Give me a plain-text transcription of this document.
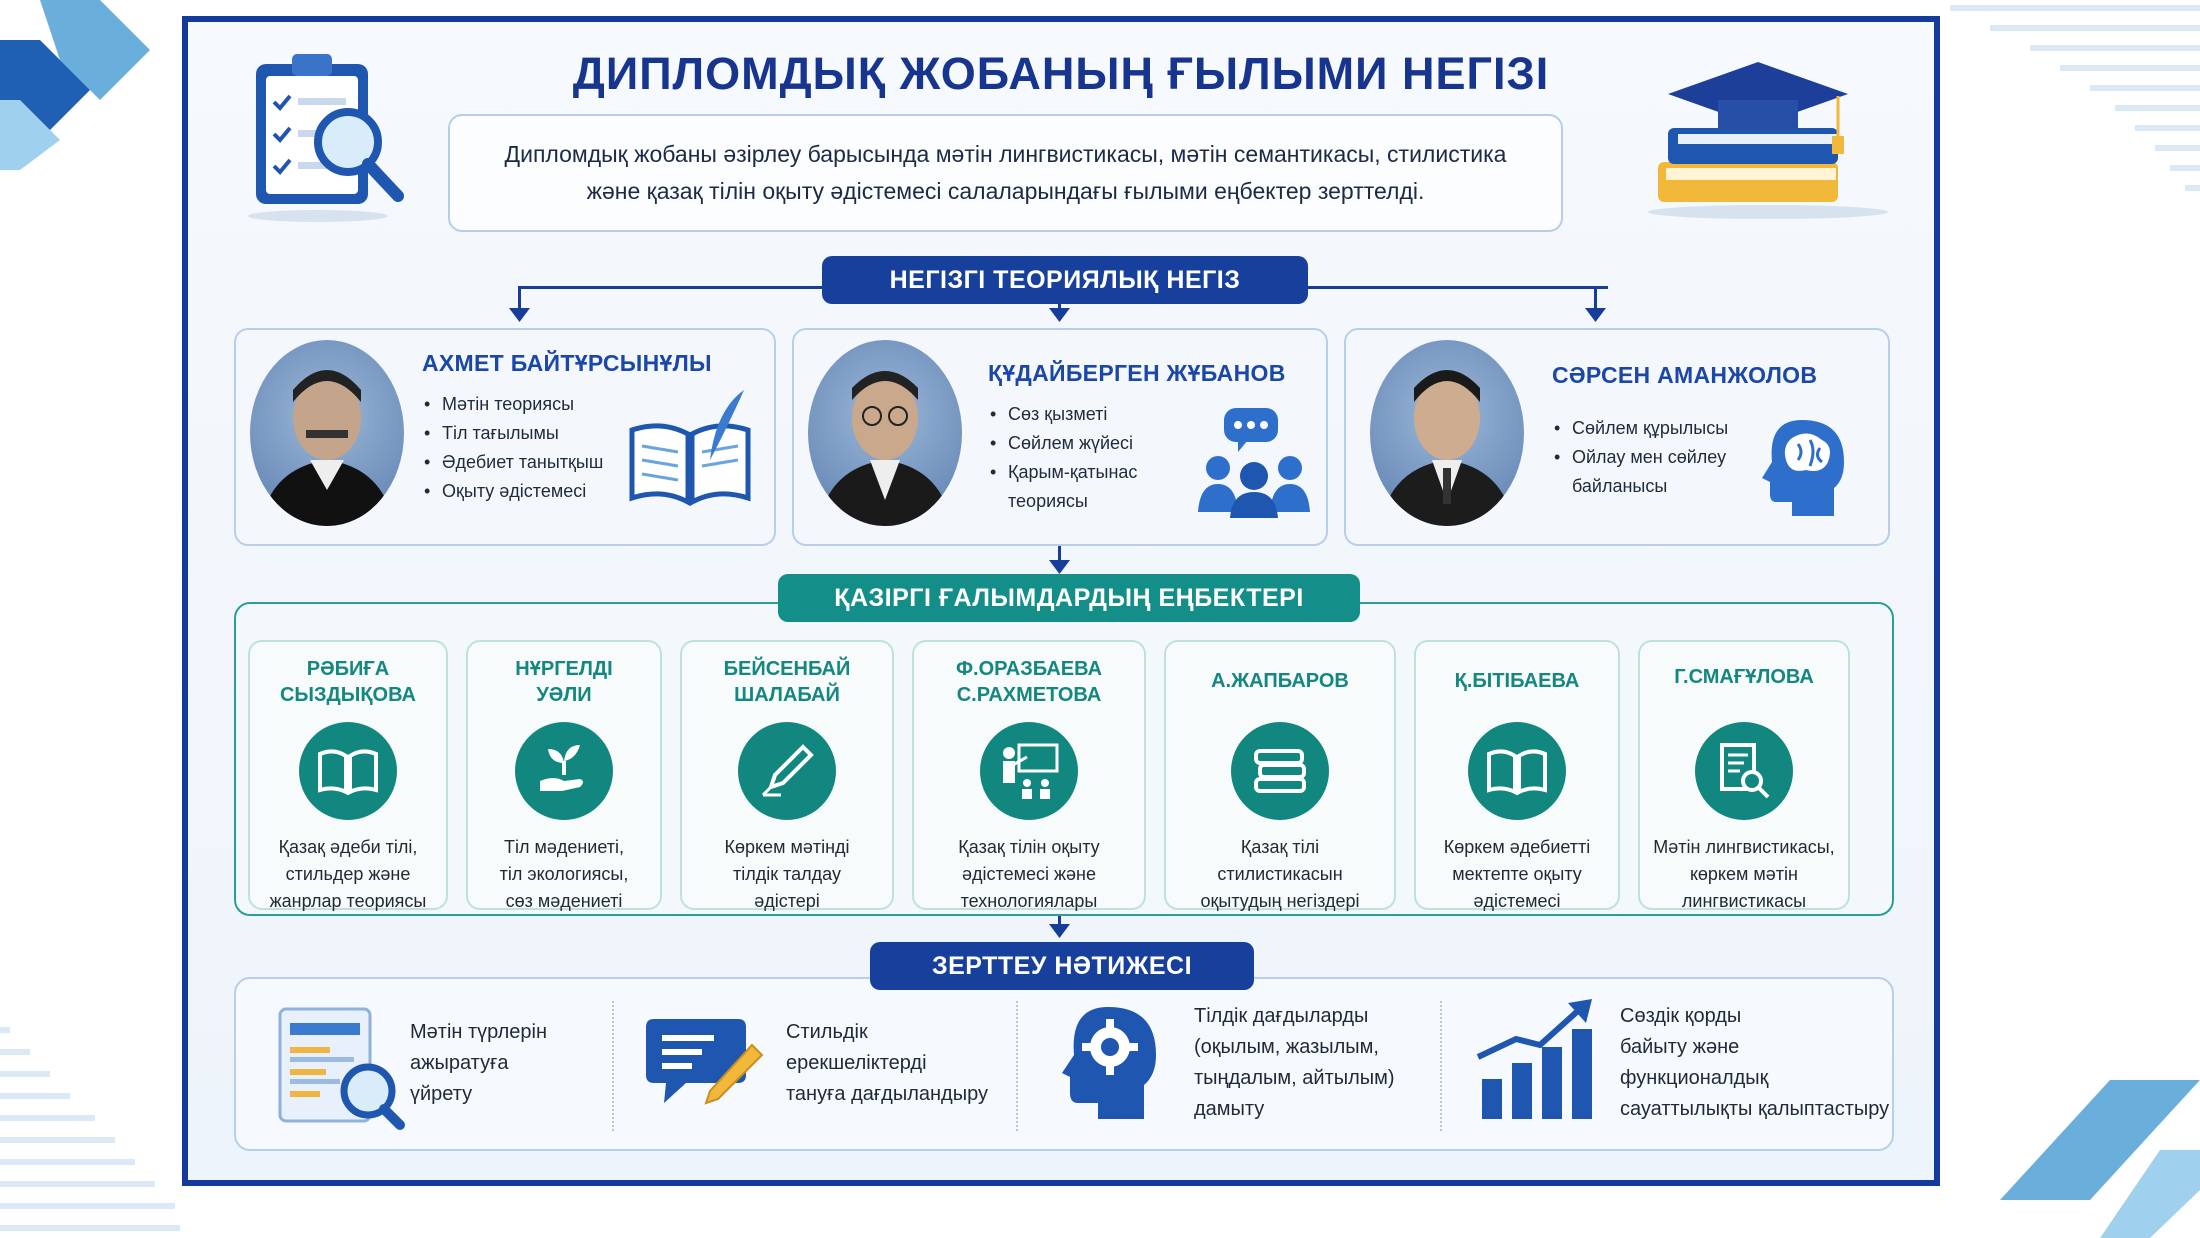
ДИПЛОМДЫҚ ЖОБАНЫҢ ҒЫЛЫМИ НЕГІЗІ
Дипломдық жобаны әзірлеу барысында мәтін лингвистикасы, мәтін семантикасы, стилистика және қазақ тілін оқыту әдістемесі салаларындағы ғылыми еңбектер зерттелді.
НЕГІЗГІ ТЕОРИЯЛЫҚ НЕГІЗ
АХМЕТ БАЙТҰРСЫНҰЛЫ
• Мәтін теориясы
• Тіл тағылымы
• Әдебиет танытқыш
• Оқыту әдістемесі
ҚҰДАЙБЕРГЕН ЖҰБАНОВ
• Сөз қызметі
• Сөйлем жүйесі
• Қарым-қатынас теориясы
СӘРСЕН АМАНЖОЛОВ
• Сөйлем құрылысы
• Ойлау мен сөйлеу байланысы
РӘБИҒА
СЫЗДЫҚОВА
Қазақ әдеби тілі,
стильдер және
жанрлар теориясы
НҰРГЕЛДІ
УӘЛИ
Тіл мәдениеті,
тіл экологиясы,
сөз мәдениеті
БЕЙСЕНБАЙ
ШАЛАБАЙ
Көркем мәтінді
тілдік талдау
әдістері
Ф.ОРАЗБАЕВА
С.РАХМЕТОВА
Қазақ тілін оқыту
әдістемесі және
технологиялары
А.ЖАПБАРОВ
Қазақ тілі
стилистикасын
оқытудың негіздері
Қ.БІТІБАЕВА
Көркем әдебиетті
мектепте оқыту
әдістемесі
Г.СМАҒҰЛОВА
Мәтін лингвистикасы,
көркем мәтін
лингвистикасы
ҚАЗІРГІ ҒАЛЫМДАРДЫҢ ЕҢБЕКТЕРІ
Мәтін түрлерін
ажыратуға
үйрету
Стильдік
ерекшеліктерді
тануға дағдыландыру
Тілдік дағдыларды
(оқылым, жазылым,
тыңдалым, айтылым)
дамыту
Сөздік қорды
байыту және
функционалдық
сауаттылықты қалыптастыру
ЗЕРТТЕУ НӘТИЖЕСІ
